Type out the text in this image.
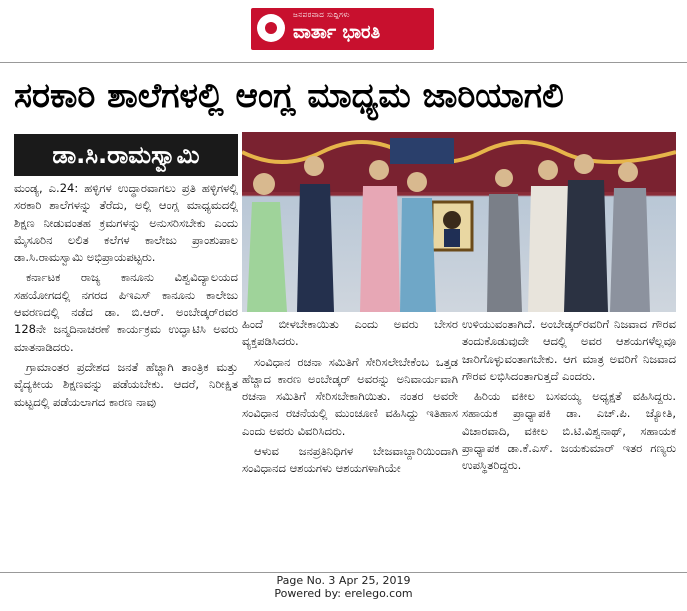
ಜನಪರವಾದ ಸುದ್ದಿಗಳು
ವಾರ್ತಾ ಭಾರತಿ
ಸರಕಾರಿ ಶಾಲೆಗಳಲ್ಲಿ ಆಂಗ್ಲ ಮಾಧ್ಯಮ ಜಾರಿಯಾಗಲಿ
ಡಾ.ಸಿ.ರಾಮಸ್ವಾಮಿ

ಮಂಡ್ಯ, ಎ.24: ಹಳ್ಳಿಗಳ ಉದ್ಧಾರವಾಗಲು ಪ್ರತಿ ಹಳ್ಳಿಗಳಲ್ಲಿ ಸರಕಾರಿ ಶಾಲೆಗಳನ್ನು ತೆರೆದು, ಅಲ್ಲಿ ಆಂಗ್ಲ ಮಾಧ್ಯಮದಲ್ಲಿ ಶಿಕ್ಷಣ ನೀಡುವಂತಹ ಕ್ರಮಗಳನ್ನು ಅನುಸರಿಸಬೇಕು ಎಂದು ಮೈಸೂರಿನ ಲಲಿತ ಕಲೆಗಳ ಕಾಲೇಜು ಪ್ರಾಂಶುಪಾಲ ಡಾ.ಸಿ.ರಾಮಸ್ವಾಮಿ ಅಭಿಪ್ರಾಯಪಟ್ಟರು.

ಕರ್ನಾಟಕ ರಾಜ್ಯ ಕಾನೂನು ವಿಶ್ವವಿದ್ಯಾಲಯದ ಸಹಯೋಗದಲ್ಲಿ ನಗರದ ಪಿಇಎಸ್ ಕಾನೂನು ಕಾಲೇಜು ಆವರಣದಲ್ಲಿ ನಡೆದ ಡಾ. ಬಿ.ಆರ್. ಅಂಬೇಡ್ಕರ್‌ರವರ 128ನೇ ಜನ್ಮದಿನಾಚರಣೆ ಕಾರ್ಯಕ್ರಮ ಉದ್ಘಾಟಿಸಿ ಅವರು ಮಾತನಾಡಿದರು.

ಗ್ರಾಮಾಂತರ ಪ್ರದೇಶದ ಜನತೆ ಹೆಚ್ಚಾಗಿ ತಾಂತ್ರಿಕ ಮತ್ತು ವೈದ್ಯಕೀಯ ಶಿಕ್ಷಣವನ್ನು ಪಡೆಯಬೇಕು. ಆದರೆ, ನಿರೀಕ್ಷಿತ ಮಟ್ಟದಲ್ಲಿ ಪಡೆಯಲಾಗದ ಕಾರಣ ನಾವು

ಹಿಂದೆ ಬೀಳಬೇಕಾಯಿತು ಎಂದು ಅವರು ಬೇಸರ ವ್ಯಕ್ತಪಡಿಸಿದರು.

ಸಂವಿಧಾನ ರಚನಾ ಸಮಿತಿಗೆ ಸೇರಿಸಲೇಬೇಕೆಂಬ ಒತ್ತಡ ಹೆಚ್ಚಾದ ಕಾರಣ ಅಂಬೇಡ್ಕರ್ ಅವರನ್ನು ಅನಿವಾರ್ಯವಾಗಿ ರಚನಾ ಸಮಿತಿಗೆ ಸೇರಿಸಬೇಕಾಗಿಯಿತು. ನಂತರ ಅವರೇ ಸಂವಿಧಾನ ರಚನೆಯಲ್ಲಿ ಮುಂಚೂಣಿ ವಹಿಸಿದ್ದು ಇತಿಹಾಸ ಎಂದು ಅವರು ವಿವರಿಸಿದರು.

ಆಳುವ ಜನಪ್ರತಿನಿಧಿಗಳ ಬೇಜವಾಬ್ದಾರಿಯಿಂದಾಗಿ ಸಂವಿಧಾನದ ಆಶಯಗಳು ಆಶಯಗಳಾಗಿಯೇ

ಉಳಿಯುವಂತಾಗಿದೆ. ಅಂಬೇಡ್ಕರ್‌ರವರಿಗೆ ನಿಜವಾದ ಗೌರವ ತಂದುಕೊಡುವುದೇ ಆದಲ್ಲಿ ಅವರ ಆಶಯಗಳೆಲ್ಲವೂ ಜಾರಿಗೊಳ್ಳುವಂತಾಗಬೇಕು. ಆಗ ಮಾತ್ರ ಅವರಿಗೆ ನಿಜವಾದ ಗೌರವ ಲಭಿಸಿದಂತಾಗುತ್ತದೆ ಎಂದರು.

ಹಿರಿಯ ವಕೀಲ ಬಸವಯ್ಯ ಅಧ್ಯಕ್ಷತೆ ವಹಿಸಿದ್ದರು. ಸಹಾಯಕ ಪ್ರಾಧ್ಯಾಪಕಿ ಡಾ. ಎಚ್.ಪಿ. ಜ್ಯೋತಿ, ವಿಚಾರವಾದಿ, ವಕೀಲ ಬಿ.ಟಿ.ವಿಶ್ವನಾಥ್, ಸಹಾಯಕ ಪ್ರಾಧ್ಯಾಪಕ ಡಾ.ಕೆ.ಎಸ್. ಜಯಕುಮಾರ್ ಇತರ ಗಣ್ಯರು ಉಪಸ್ಥಿತರಿದ್ದರು.

Page No. 3 Apr 25, 2019
Powered by: erelego.com
